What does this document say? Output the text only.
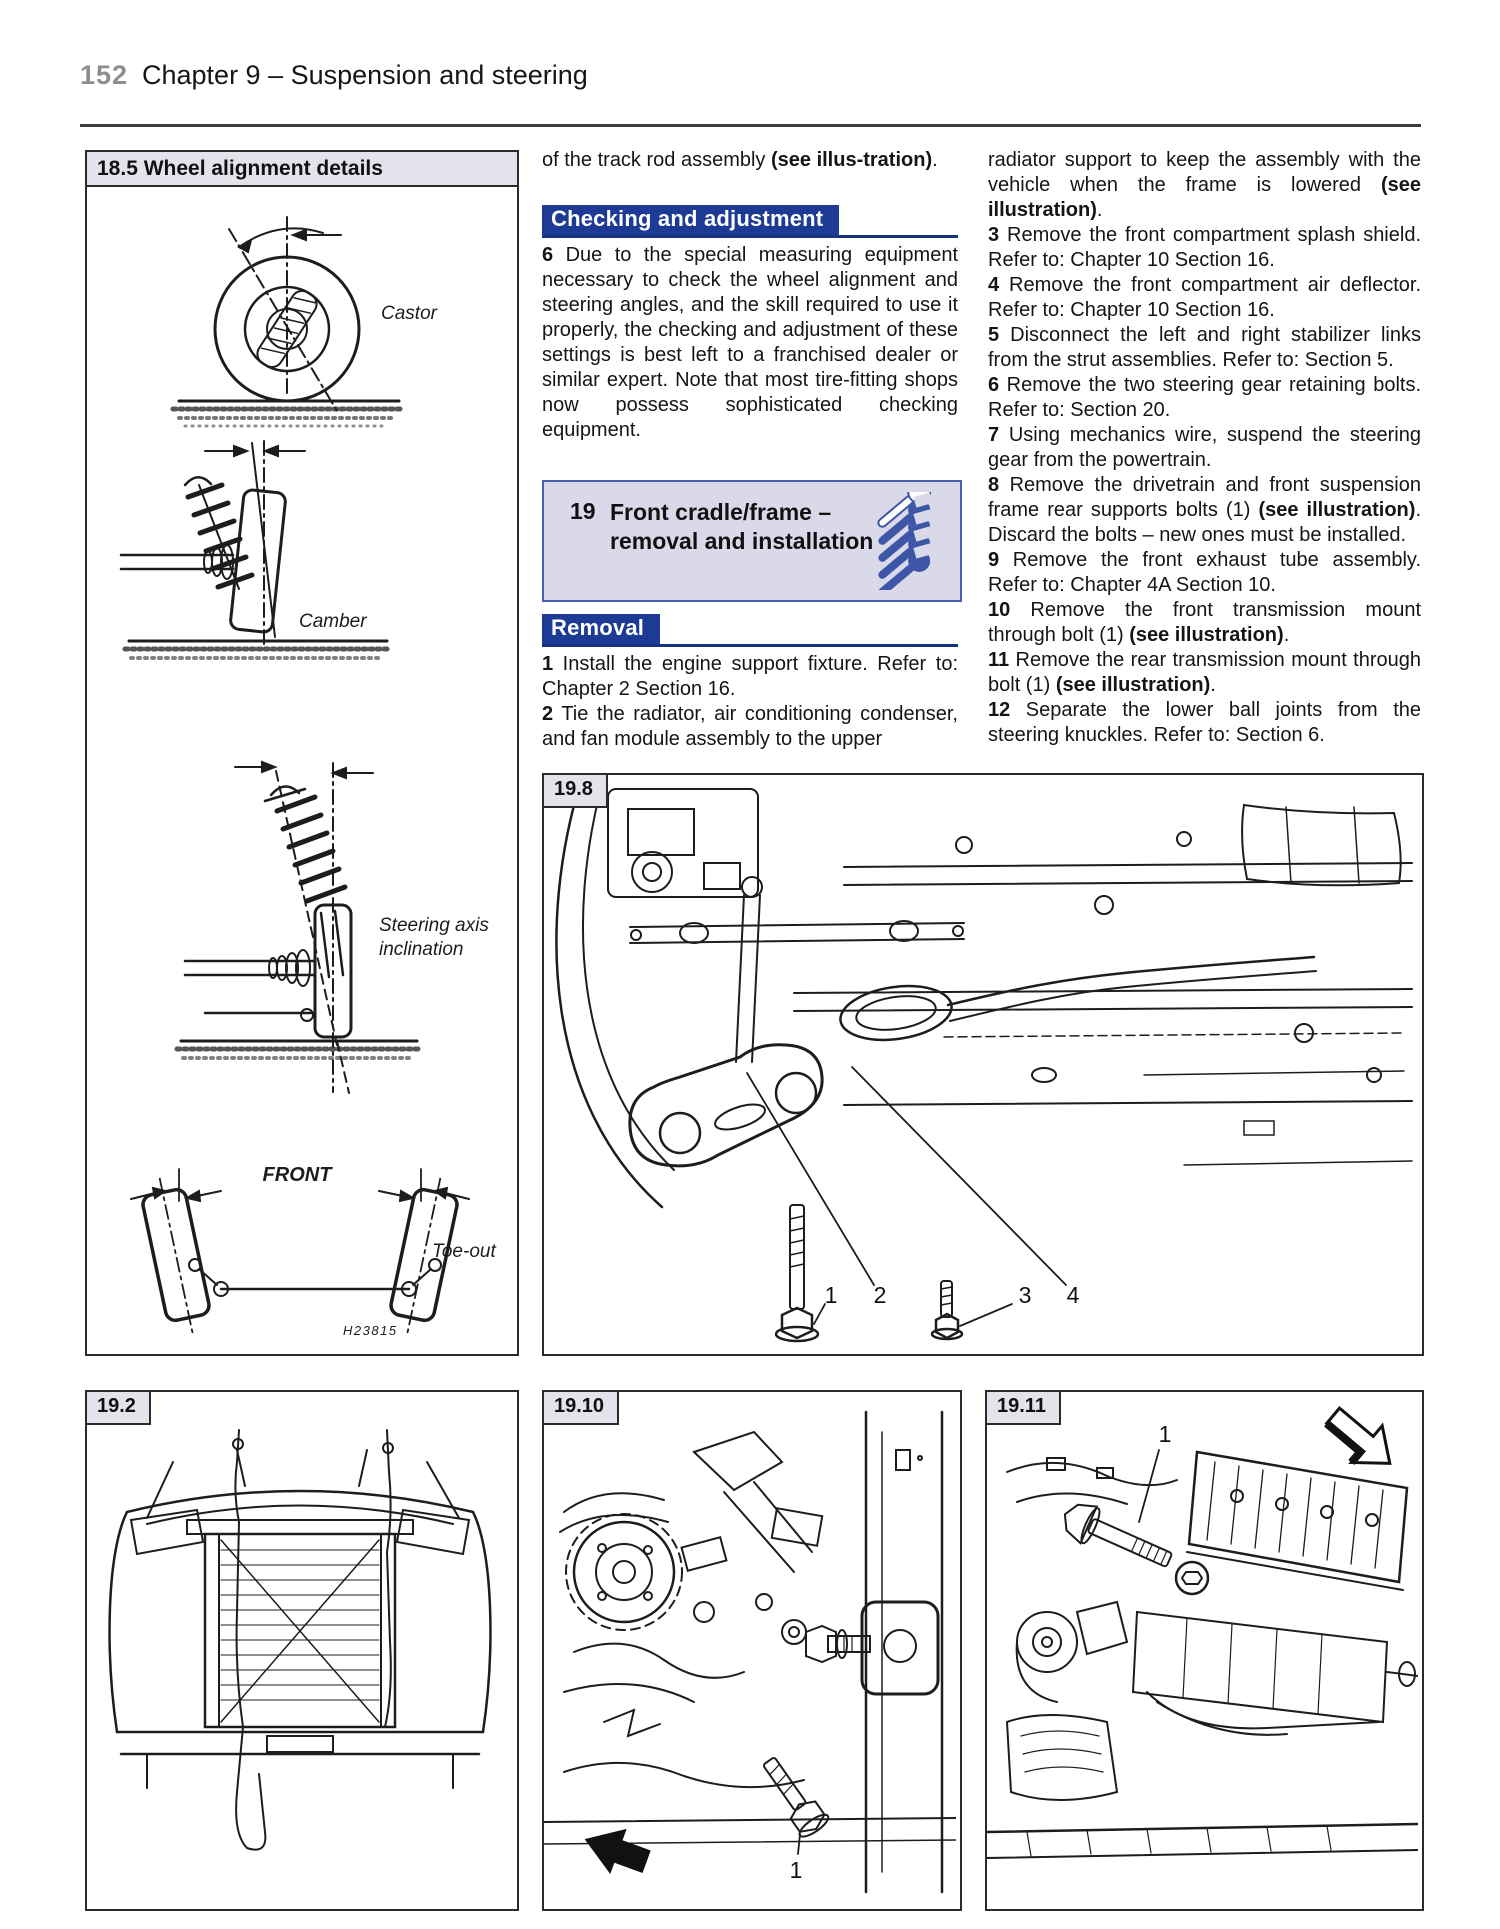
152 Chapter 9 – Suspension and steering
18.5 Wheel alignment details
Castor
Camber
Steering axis
inclination
FRONT
Toe-out
H23815

of the track rod assembly (see illus-tration).

Checking and adjustment

6 Due to the special measuring equipment necessary to check the wheel alignment and steering angles, and the skill required to use it properly, the checking and adjustment of these settings is best left to a franchised dealer or similar expert. Note that most tire-fitting shops now possess sophisticated checking equipment.

19 Front cradle/frame –
removal and installation
Removal

1 Install the engine support fixture. Refer to: Chapter 2 Section 16.

2 Tie the radiator, air conditioning condenser, and fan module assembly to the upper

radiator support to keep the assembly with the vehicle when the frame is lowered (see illustration).

3 Remove the front compartment splash shield. Refer to: Chapter 10 Section 16.

4 Remove the front compartment air deflector. Refer to: Chapter 10 Section 16.

5 Disconnect the left and right stabilizer links from the strut assemblies. Refer to: Section 5.

6 Remove the two steering gear retaining bolts. Refer to: Section 20.

7 Using mechanics wire, suspend the steering gear from the powertrain.

8 Remove the drivetrain and front suspension frame rear supports bolts (1) (see illustration). Discard the bolts – new ones must be installed.

9 Remove the front exhaust tube assembly. Refer to: Chapter 4A Section 10.

10 Remove the front transmission mount through bolt (1) (see illustration).

11 Remove the rear transmission mount through bolt (1) (see illustration).

12 Separate the lower ball joints from the steering knuckles. Refer to: Section 6.

19.8
1 2	3 4
19.2	19.10
1
19.11
1
